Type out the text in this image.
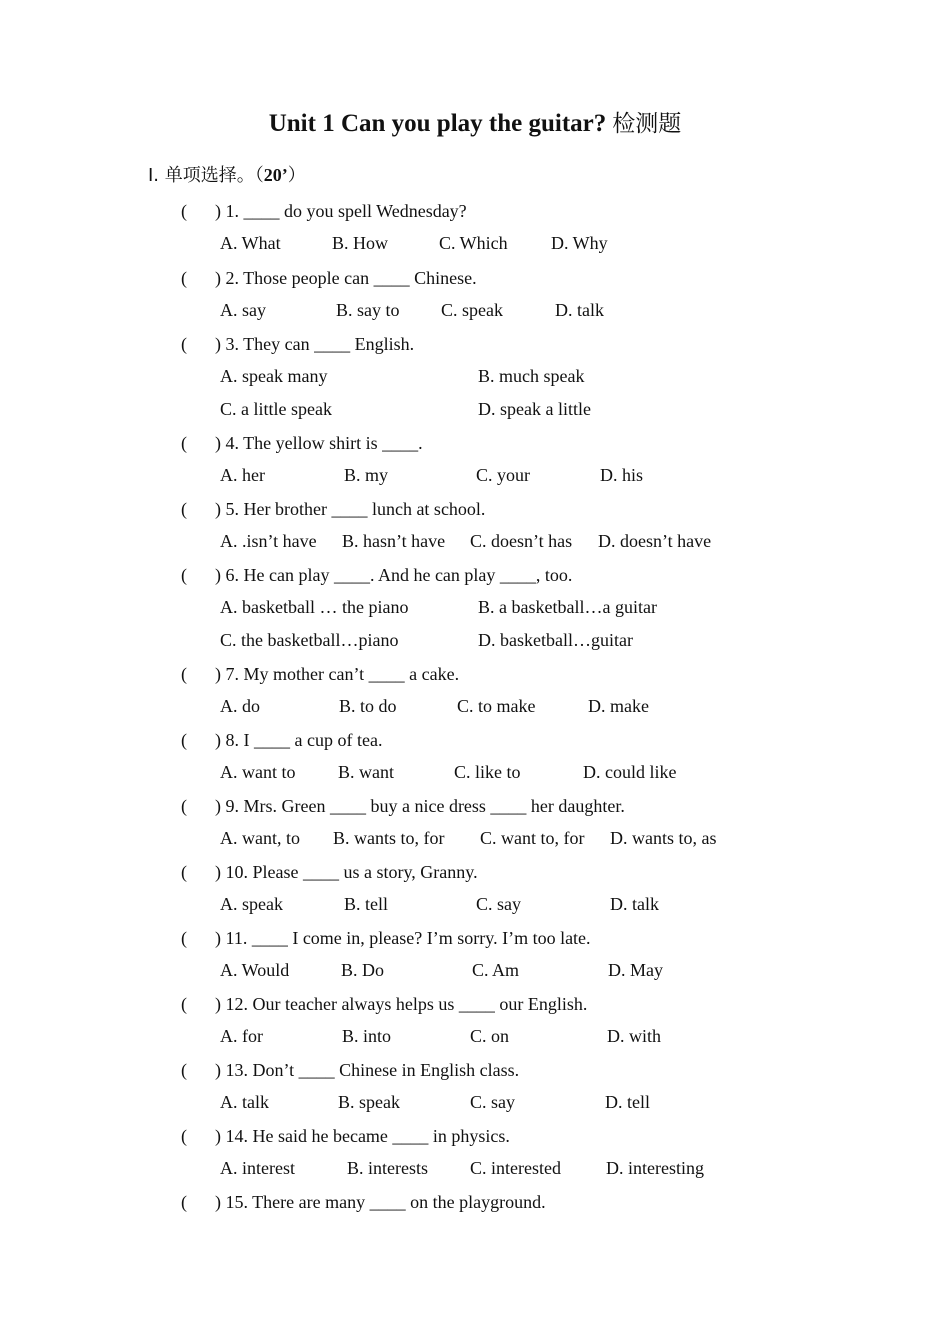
Unit 1 Can you play the guitar? 检测题
Ⅰ. 单项选择。（20’）
( ) 1. ____ do you spell Wednesday?
A. What	B. How	C. Which D. Why
( ) 2. Those people can ____ Chinese.
A. say	B. say to C. speak	D. talk
( ) 3. They can ____ English.
A. speak many	B. much speak
C. a little speak	D. speak a little
( ) 4. The yellow shirt is ____.
A. her	B. my	C. your	D. his
( ) 5. Her brother ____ lunch at school.
A. .isn’t have B. hasn’t have C. doesn’t has D. doesn’t have
( ) 6. He can play ____. And he can play ____, too.
A. basketball … the piano	B. a basketball…a guitar
C. the basketball…piano	D. basketball…guitar
( ) 7. My mother can’t ____ a cake.
A. do	B. to do	C. to make	D. make
( ) 8. I ____ a cup of tea.
A. want to B. want	C. like to	D. could like
( ) 9. Mrs. Green ____ buy a nice dress ____ her daughter.
A. want, to B. wants to, for C. want to, for D. wants to, as
( ) 10. Please ____ us a story, Granny.
A. speak	B. tell	C. say	D. talk
( ) 11. ____ I come in, please? I’m sorry. I’m too late.
A. Would	B. Do	C. Am	D. May
( ) 12. Our teacher always helps us ____ our English.
A. for	B. into	C. on	D. with
( ) 13. Don’t ____ Chinese in English class.
A. talk	B. speak	C. say	D. tell
( ) 14. He said he became ____ in physics.
A. interest	B. interests C. interested	D. interesting
( ) 15. There are many ____ on the playground.
